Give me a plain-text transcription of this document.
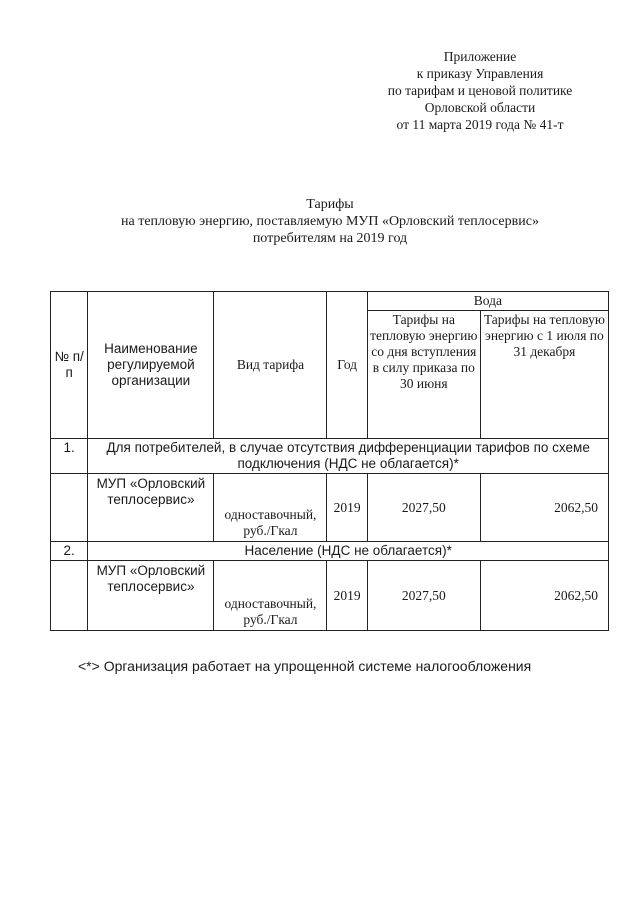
Приложение
к приказу Управления
по тарифам и ценовой политике
Орловской области
от 11 марта 2019 года № 41-т
Тарифы
на тепловую энергию, поставляемую МУП «Орловский теплосервис»
потребителям на 2019 год
№ п/п	Наименование регулируемой организации	Вид тарифа	Год	Вода	
				Тарифы на тепловую энергию со дня вступления в силу приказа по 30 июня	Тарифы на тепловую энергию с 1 июля по 31 декабря
1.	Для потребителей, в случае отсутствия дифференциации тарифов по схеме подключения (НДС не облагается)*				
	МУП «Орловский теплосервис»	одноставочный, руб./Гкал	2019	2027,50	2062,50
2.	Население (НДС не облагается)*				
	МУП «Орловский теплосервис»	одноставочный, руб./Гкал	2019	2027,50	2062,50
<*> Организация работает на упрощенной системе налогообложения
